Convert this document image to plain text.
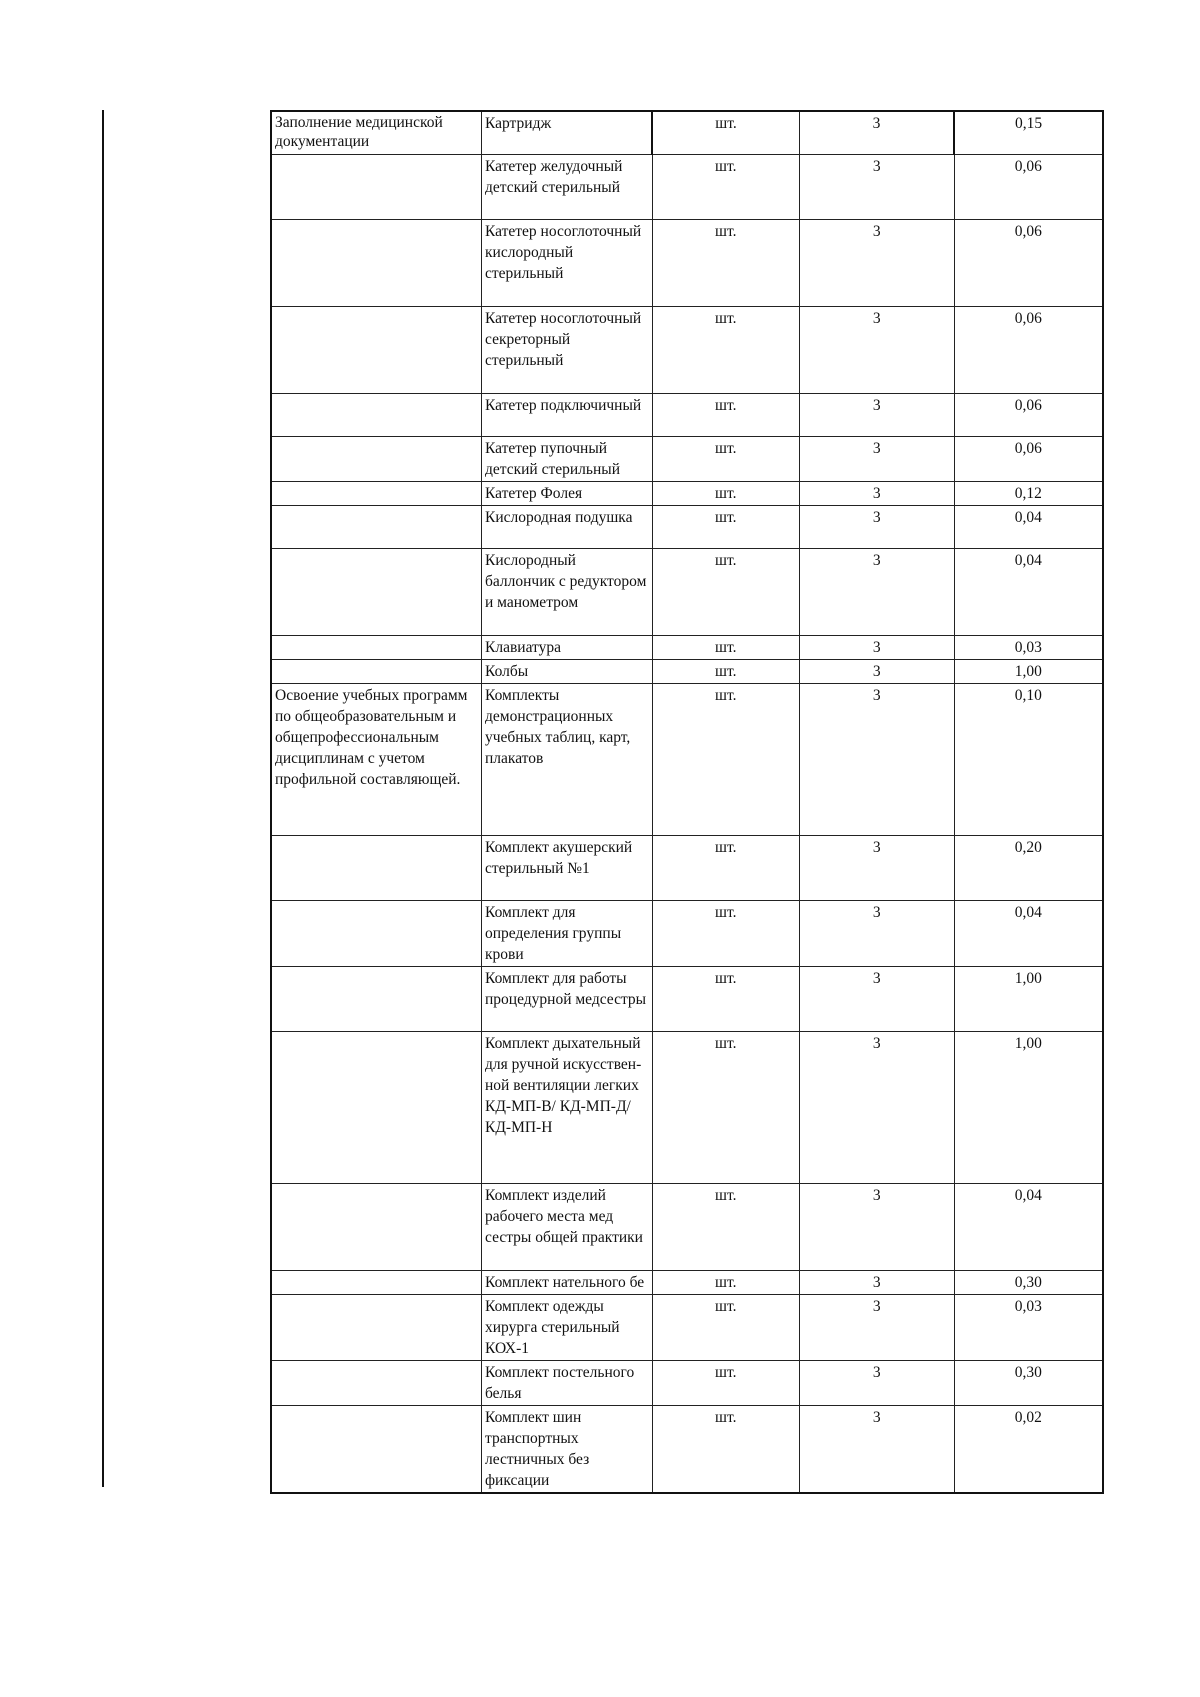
Заполнение медицинской документации	Картридж	шт.	3	0,15
	Катетер желудочный детский стерильный	шт.	3	0,06
	Катетер носоглоточный кислородный стерильный	шт.	3	0,06
	Катетер носоглоточный секреторный стерильный	шт.	3	0,06
	Катетер подключичный	шт.	3	0,06
	Катетер пупочный детский стерильный	шт.	3	0,06
	Катетер Фолея	шт.	3	0,12
	Кислородная подушка	шт.	3	0,04
	Кислородный баллончик с редуктором и манометром	шт.	3	0,04
	Клавиатура	шт.	3	0,03
	Колбы	шт.	3	1,00
Освоение учебных программ по общеобразовательным и общепрофессиональным дисциплинам с учетом профильной составляющей.	Комплекты демонстрационных учебных таблиц, карт, плакатов	шт.	3	0,10
	Комплект акушерский стерильный №1	шт.	3	0,20
	Комплект для определения группы крови	шт.	3	0,04
	Комплект для работы процедурной медсестры	шт.	3	1,00
	Комплект дыхательный для ручной искусствен-ной вентиляции легких КД-МП-В/ КД-МП-Д/ КД-МП-Н	шт.	3	1,00
	Комплект изделий рабочего места мед сестры общей практики	шт.	3	0,04
	Комплект нательного бе	шт.	3	0,30
	Комплект одежды хирурга стерильный КОХ-1	шт.	3	0,03
	Комплект постельного белья	шт.	3	0,30
	Комплект шин транспортных лестничных без фиксации	шт.	3	0,02
